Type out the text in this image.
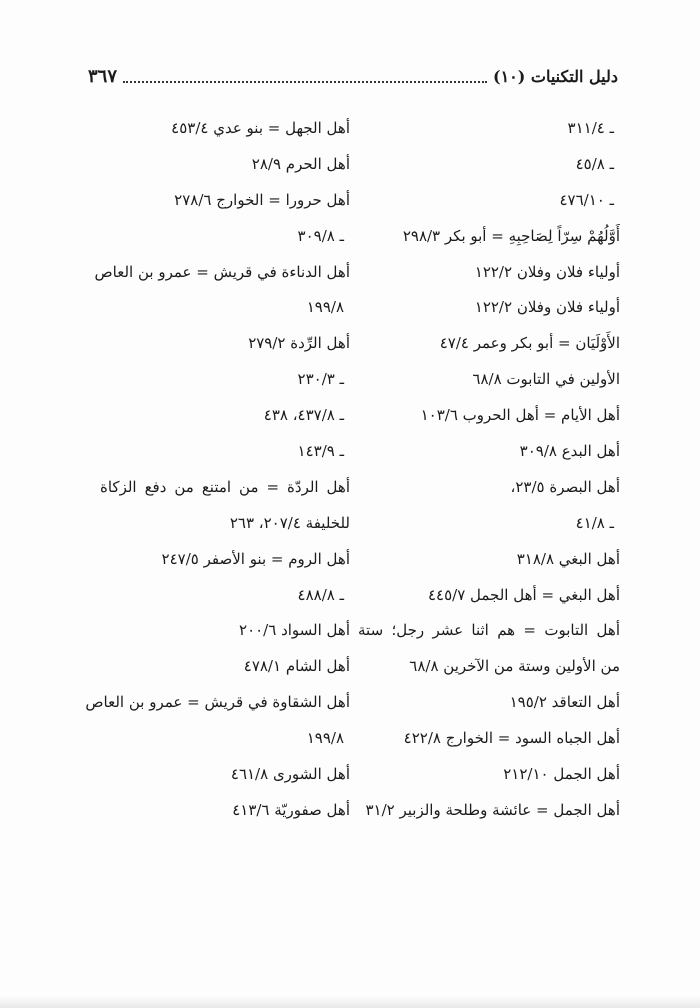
دليل التكنيات (١٠)
٣٦٧
ـ ٣١١/٤
ـ ٤٥/٨
ـ ٤٧٦/١٠
أَوَّلُهُمْ سِرّاً لِصَاحِبِهِ = أبو بكر ٢٩٨/٣
أولياء فلان وفلان ١٢٢/٢
أولياء فلان وفلان ١٢٢/٢
الأَوْلَيَان = أبو بكر وعمر ٤٧/٤
الأولين في التابوت ٦٨/٨
أهل الأيام = أهل الحروب ١٠٣/٦
أهل البدع ٣٠٩/٨
أهل البصرة ٢٣/٥،
ـ ٤١/٨
أهل البغي ٣١٨/٨
أهل البغي = أهل الجمل ٤٤٥/٧
أهل التابوت = هم اثنا عشر رجل؛ ستة
من الأولين وستة من الآخرين ٦٨/٨
أهل التعاقد ١٩٥/٢
أهل الجباه السود = الخوارج ٤٢٢/٨
أهل الجمل ٢١٢/١٠
أهل الجمل = عائشة وطلحة والزبير ٣١/٢
أهل الجهل = بنو عدي ٤٥٣/٤
أهل الحرم ٢٨/٩
أهل حرورا = الخوارج ٢٧٨/٦
ـ ٣٠٩/٨
أهل الدناءة في قريش = عمرو بن العاص
١٩٩/٨
أهل الرِّدة ٢٧٩/٢
ـ ٢٣٠/٣
ـ ٤٣٧/٨، ٤٣٨
ـ ١٤٣/٩
أهل الردّة = من امتنع من دفع الزكاة
للخليفة ٢٠٧/٤، ٢٦٣
أهل الروم = بنو الأصفر ٢٤٧/٥
ـ ٤٨٨/٨
أهل السواد ٢٠٠/٦
أهل الشام ٤٧٨/١
أهل الشقاوة في قريش = عمرو بن العاص
١٩٩/٨
أهل الشورى ٤٦١/٨
أهل صفوريّة ٤١٣/٦
